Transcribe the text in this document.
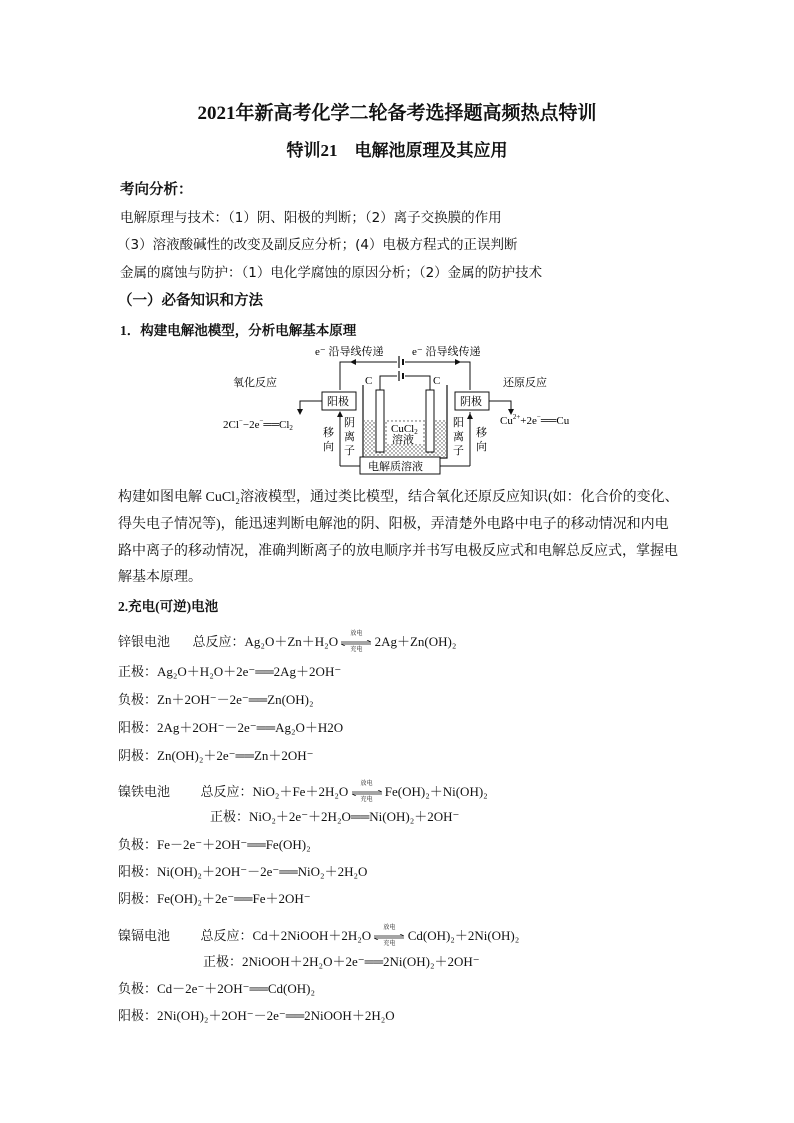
2021年新高考化学二轮备考选择题高频热点特训
特训21　电解池原理及其应用
考向分析：
电解原理与技术：（1）阴、阳极的判断；（2）离子交换膜的作用
（3）溶液酸碱性的改变及副反应分析；(4）电极方程式的正误判断
金属的腐蚀与防护：（1）电化学腐蚀的原因分析；（2）金属的防护技术
（一）必备知识和方法
1．构建电解池模型，分析电解基本原理
e⁻ 沿导线传递	e⁻ 沿导线传递
C	C
CuCl2
溶液
氧化反应	还原反应
阳极	阴极
2Cl−−2e−══Cl2
$Cu^{2+}+2e^-══Cu$
移
向
阴
离
子
阳
离
子
移
向
电解质溶液
构建如图电解 CuCl₂溶液模型，通过类比模型，结合氧化还原反应知识(如：化合价的变化、
得失电子情况等)，能迅速判断电解池的阴、阳极，弄清楚外电路中电子的移动情况和内电
路中离子的移动情况，准确判断离子的放电顺序并书写电极反应式和电解总反应式，掌握电
解基本原理。
2.充电(可逆)电池
锌银电池 总反应：Ag₂O＋Zn＋H₂O	放电
充电
2Ag＋Zn(OH)₂
正极：Ag₂O＋H₂O＋2e⁻══2Ag＋2OH⁻
负极：Zn＋2OH⁻－2e⁻══Zn(OH)₂
阳极：2Ag＋2OH⁻－2e⁻══Ag₂O＋H2O
阴极：Zn(OH)₂＋2e⁻══Zn＋2OH⁻
镍铁电池 总反应：NiO₂＋Fe＋2H₂O	放电
充电
Fe(OH)₂＋Ni(OH)₂
正极：NiO₂＋2e⁻＋2H₂O══Ni(OH)₂＋2OH⁻
负极：Fe－2e⁻＋2OH⁻══Fe(OH)₂
阳极：Ni(OH)₂＋2OH⁻－2e⁻══NiO₂＋2H₂O
阴极：Fe(OH)₂＋2e⁻══Fe＋2OH⁻
镍镉电池 总反应：Cd＋2NiOOH＋2H₂O	放电
充电
Cd(OH)₂＋2Ni(OH)₂
正极：2NiOOH＋2H₂O＋2e⁻══2Ni(OH)₂＋2OH⁻
负极：Cd－2e⁻＋2OH⁻══Cd(OH)₂
阳极：2Ni(OH)₂＋2OH⁻－2e⁻══2NiOOH＋2H₂O
